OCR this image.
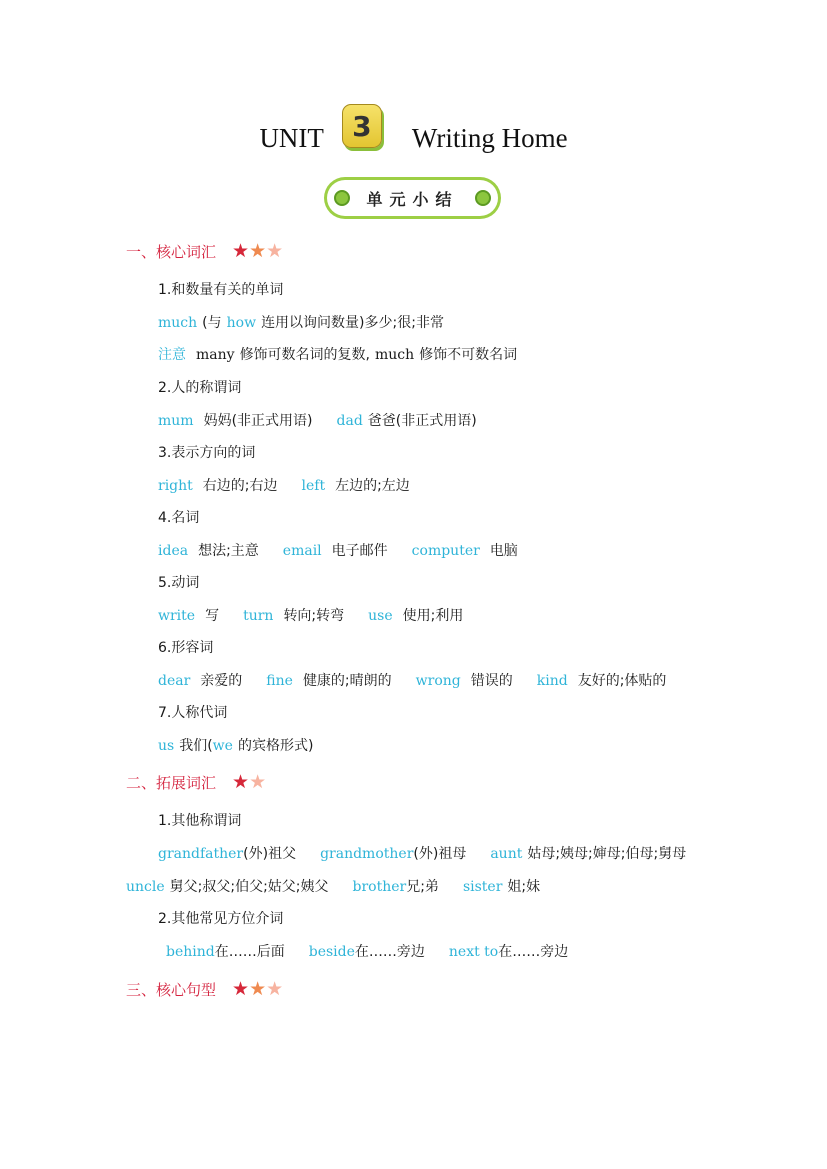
UNIT	3	Writing Home
单元小结
一、核心词汇 ★★★
1.和数量有关的单词
much (与 how 连用以询问数量)多少;很;非常
注意 many 修饰可数名词的复数, much 修饰不可数名词
2.人的称谓词
mum 妈妈(非正式用语) dad 爸爸(非正式用语)
3.表示方向的词
right 右边的;右边 left 左边的;左边
4.名词
idea 想法;主意 email 电子邮件 computer 电脑
5.动词
write 写 turn 转向;转弯 use 使用;利用
6.形容词
dear 亲爱的 fine 健康的;晴朗的 wrong 错误的 kind 友好的;体贴的
7.人称代词
us 我们(we 的宾格形式)
二、拓展词汇 ★★
1.其他称谓词
grandfather(外)祖父 grandmother(外)祖母 aunt 姑母;姨母;婶母;伯母;舅母
uncle 舅父;叔父;伯父;姑父;姨父 brother兄;弟 sister 姐;妹
2.其他常见方位介词
behind在……后面 beside在……旁边 next to在……旁边
三、核心句型 ★★★
